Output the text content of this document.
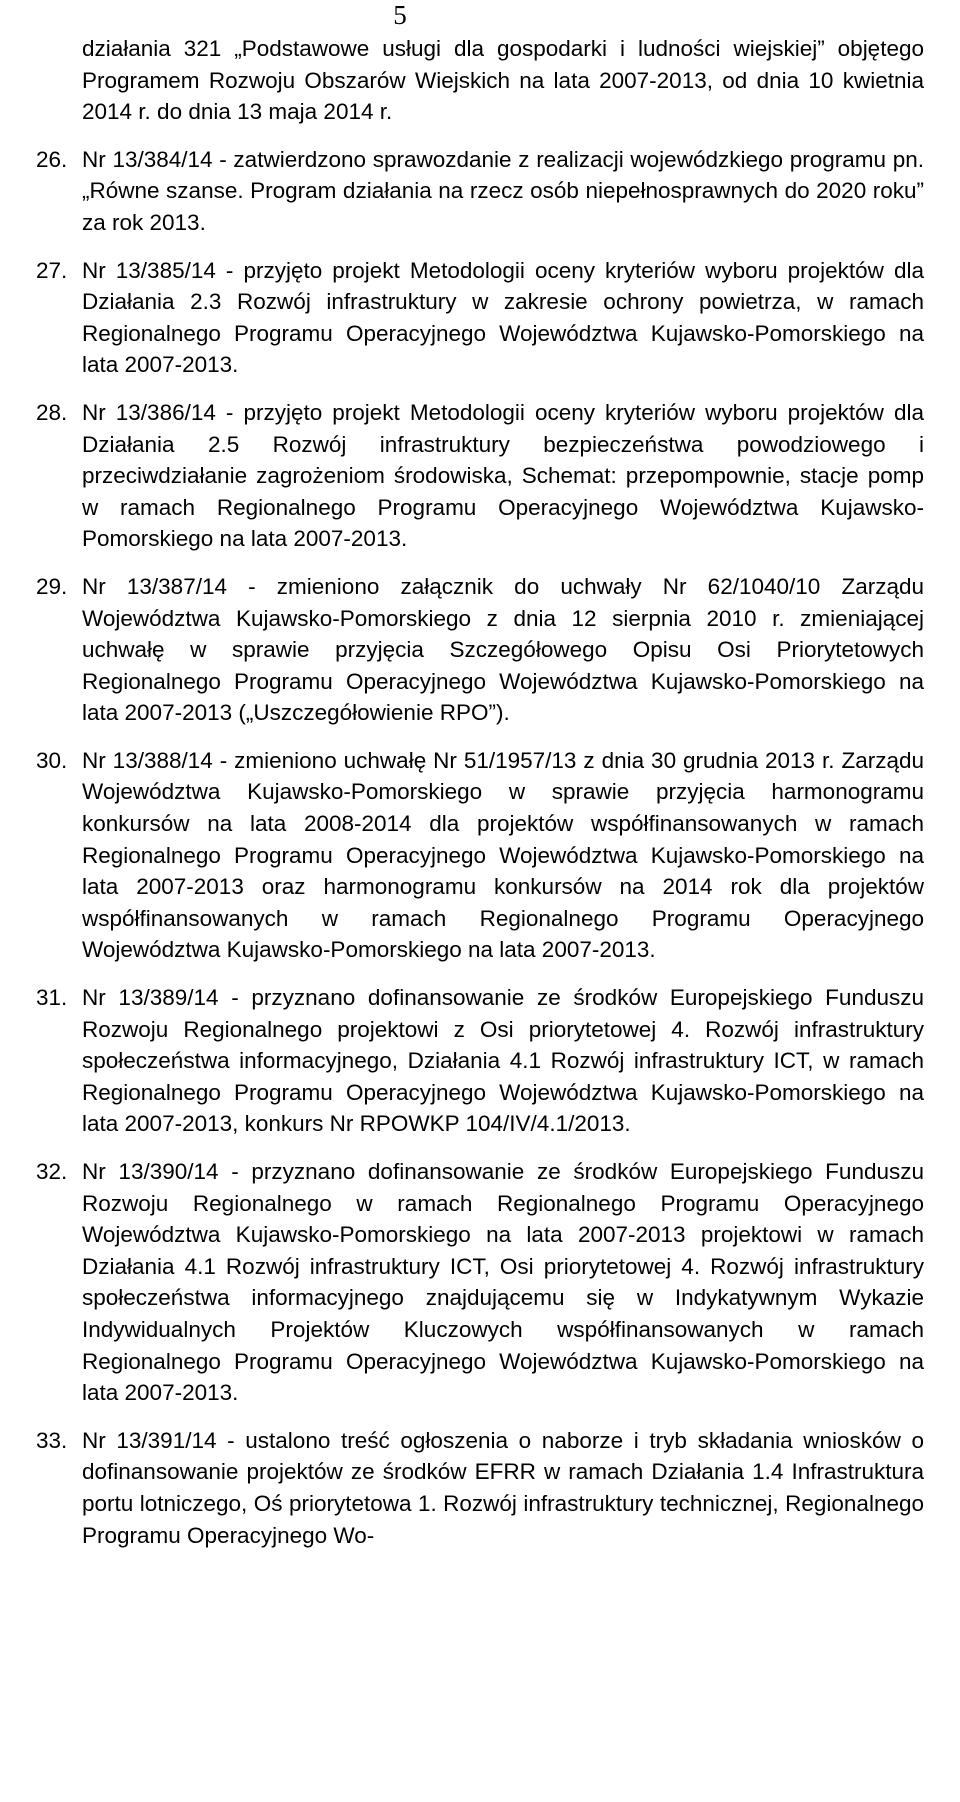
5

działania 321 „Podstawowe usługi dla gospodarki i ludności wiejskiej” objętego Programem Rozwoju Obszarów Wiejskich na lata 2007-2013, od dnia 10 kwietnia 2014 r. do dnia 13 maja 2014 r.

26. Nr 13/384/14 - zatwierdzono sprawozdanie z realizacji wojewódzkiego programu pn. „Równe szanse. Program działania na rzecz osób niepełnosprawnych do 2020 roku” za rok 2013.

27. Nr 13/385/14 - przyjęto projekt Metodologii oceny kryteriów wyboru projektów dla Działania 2.3 Rozwój infrastruktury w zakresie ochrony powietrza, w ramach Regionalnego Programu Operacyjnego Województwa Kujawsko-Pomorskiego na lata 2007-2013.

28. Nr 13/386/14 - przyjęto projekt Metodologii oceny kryteriów wyboru projektów dla Działania 2.5 Rozwój infrastruktury bezpieczeństwa powodziowego i przeciwdziałanie zagrożeniom środowiska, Schemat: przepompownie, stacje pomp w ramach Regionalnego Programu Operacyjnego Województwa Kujawsko-Pomorskiego na lata 2007-2013.

29. Nr 13/387/14 - zmieniono załącznik do uchwały Nr 62/1040/10 Zarządu Województwa Kujawsko-Pomorskiego z dnia 12 sierpnia 2010 r. zmieniającej uchwałę w sprawie przyjęcia Szczegółowego Opisu Osi Priorytetowych Regionalnego Programu Operacyjnego Województwa Kujawsko-Pomorskiego na lata 2007-2013 („Uszczegółowienie RPO”).

30. Nr 13/388/14 - zmieniono uchwałę Nr 51/1957/13 z dnia 30 grudnia 2013 r. Zarządu Województwa Kujawsko-Pomorskiego w sprawie przyjęcia harmonogramu konkursów na lata 2008-2014 dla projektów współfinansowanych w ramach Regionalnego Programu Operacyjnego Województwa Kujawsko-Pomorskiego na lata 2007-2013 oraz harmonogramu konkursów na 2014 rok dla projektów współfinansowanych w ramach Regionalnego Programu Operacyjnego Województwa Kujawsko-Pomorskiego na lata 2007-2013.

31. Nr 13/389/14 - przyznano dofinansowanie ze środków Europejskiego Funduszu Rozwoju Regionalnego projektowi z Osi priorytetowej 4. Rozwój infrastruktury społeczeństwa informacyjnego, Działania 4.1 Rozwój infrastruktury ICT, w ramach Regionalnego Programu Operacyjnego Województwa Kujawsko-Pomorskiego na lata 2007-2013, konkurs Nr RPOWKP 104/IV/4.1/2013.

32. Nr 13/390/14 - przyznano dofinansowanie ze środków Europejskiego Funduszu Rozwoju Regionalnego w ramach Regionalnego Programu Operacyjnego Województwa Kujawsko-Pomorskiego na lata 2007-2013 projektowi w ramach Działania 4.1 Rozwój infrastruktury ICT, Osi priorytetowej 4. Rozwój infrastruktury społeczeństwa informacyjnego znajdującemu się w Indykatywnym Wykazie Indywidualnych Projektów Kluczowych współfinansowanych w ramach Regionalnego Programu Operacyjnego Województwa Kujawsko-Pomorskiego na lata 2007-2013.

33. Nr 13/391/14 - ustalono treść ogłoszenia o naborze i tryb składania wniosków o dofinansowanie projektów ze środków EFRR w ramach Działania 1.4 Infrastruktura portu lotniczego, Oś priorytetowa 1. Rozwój infrastruktury technicznej, Regionalnego Programu Operacyjnego Wo-
